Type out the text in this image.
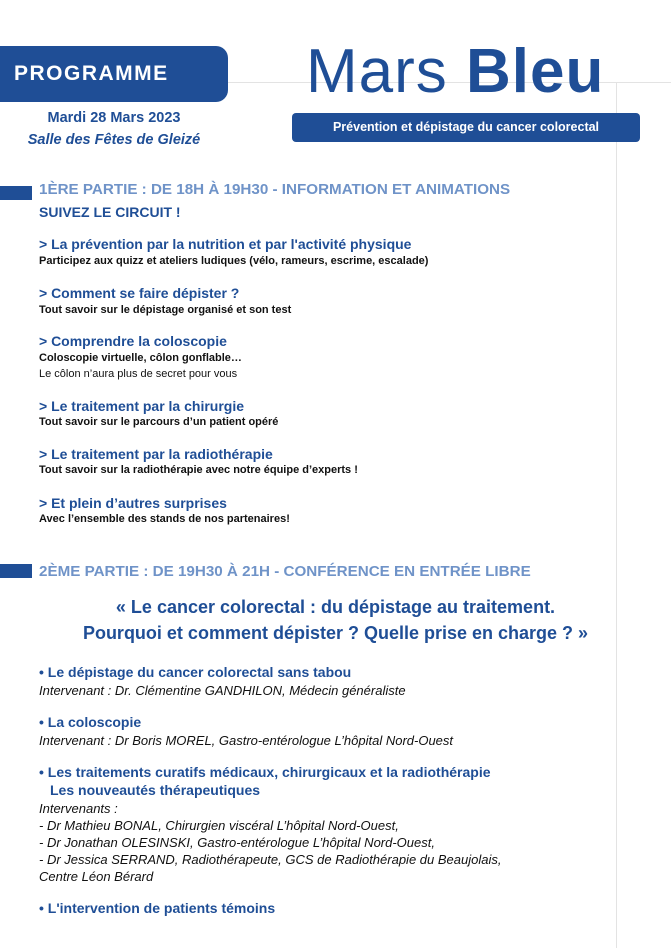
PROGRAMME
Mardi 28 Mars 2023
Salle des Fêtes de Gleizé
Mars Bleu
Prévention et dépistage du cancer colorectal
1ÈRE PARTIE : DE 18H À 19H30 - INFORMATION ET ANIMATIONS
SUIVEZ LE CIRCUIT !
> La prévention par la nutrition et par l'activité physique
Participez aux quizz et ateliers ludiques (vélo, rameurs, escrime, escalade)
> Comment se faire dépister ?
Tout savoir sur le dépistage organisé et son test
> Comprendre la coloscopie
Coloscopie virtuelle, côlon gonflable…
Le côlon n’aura plus de secret pour vous
> Le traitement par la chirurgie
Tout savoir sur le parcours d’un patient opéré
> Le traitement par la radiothérapie
Tout savoir sur la radiothérapie avec notre équipe d’experts !
> Et plein d’autres surprises
Avec l’ensemble des stands de nos partenaires!
2ÈME PARTIE : DE 19H30 À 21H - CONFÉRENCE EN ENTRÉE LIBRE
« Le cancer colorectal : du dépistage au traitement.
Pourquoi et comment dépister ? Quelle prise en charge ? »
• Le dépistage du cancer colorectal sans tabou
Intervenant : Dr. Clémentine GANDHILON, Médecin généraliste
• La coloscopie
Intervenant : Dr Boris MOREL, Gastro-entérologue L’hôpital Nord-Ouest
• Les traitements curatifs médicaux, chirurgicaux et la radiothérapie
Les nouveautés thérapeutiques
Intervenants :
- Dr Mathieu BONAL, Chirurgien viscéral L’hôpital Nord-Ouest,
- Dr Jonathan OLESINSKI, Gastro-entérologue L’hôpital Nord-Ouest,
- Dr Jessica SERRAND, Radiothérapeute, GCS de Radiothérapie du Beaujolais,
Centre Léon Bérard
• L'intervention de patients témoins
